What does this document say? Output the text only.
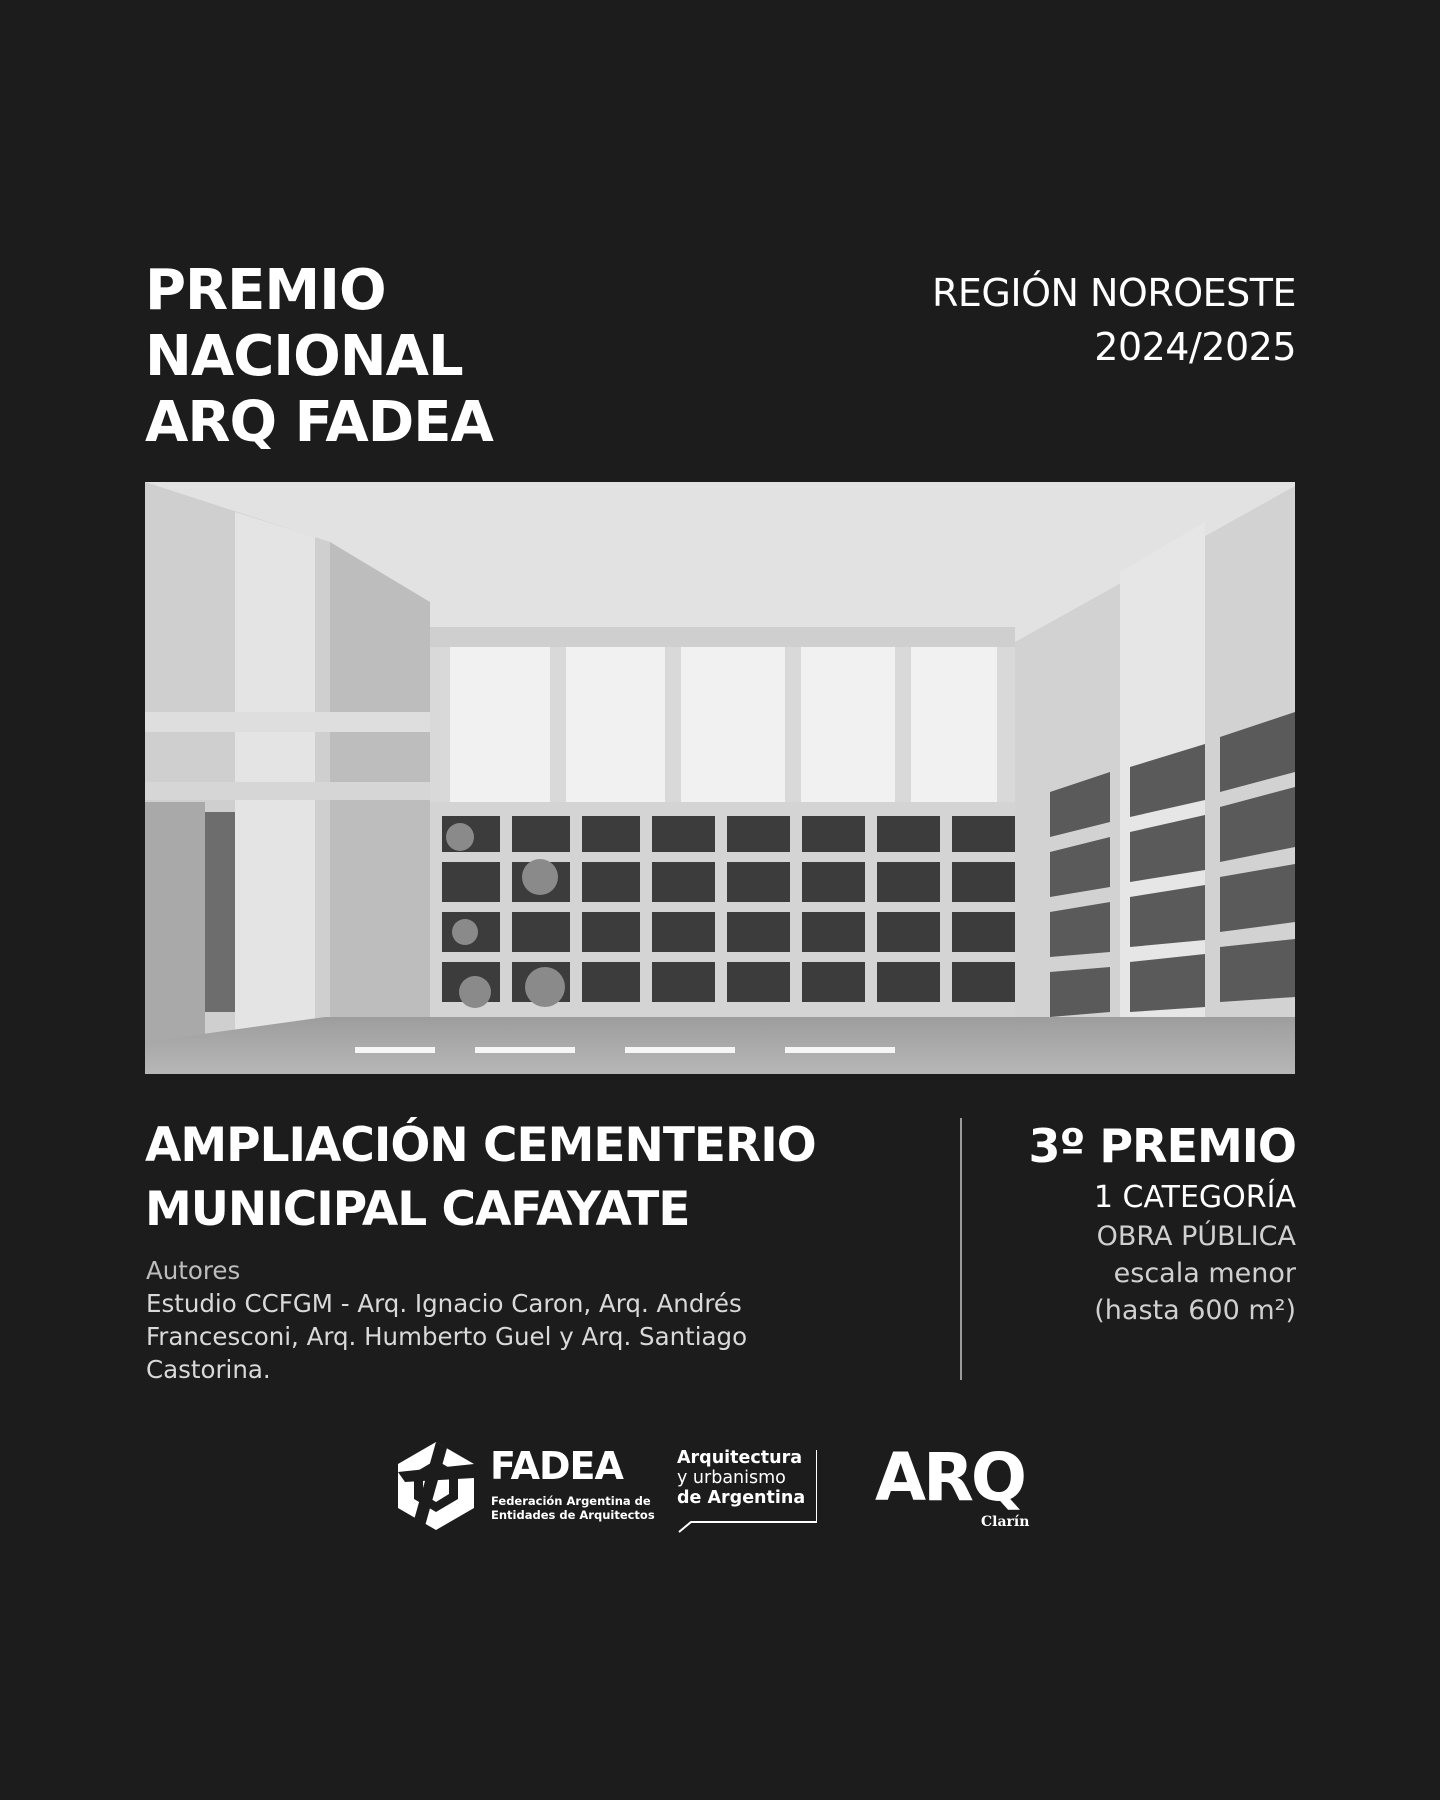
PREMIO
NACIONAL
ARQ FADEA
REGIÓN NOROESTE
2024/2025
AMPLIACIÓN CEMENTERIO
MUNICIPAL CAFAYATE
Autores
Estudio CCFGM - Arq. Ignacio Caron, Arq. Andrés Francesconi, Arq. Humberto Guel y Arq. Santiago Castorina.
3º PREMIO
1 CATEGORÍA
OBRA PÚBLICA
escala menor
(hasta 600 m²)
FADEA
Federación Argentina de
Entidades de Arquitectos
Arquitectura
y urbanismo
de Argentina ARQ
Clarín
